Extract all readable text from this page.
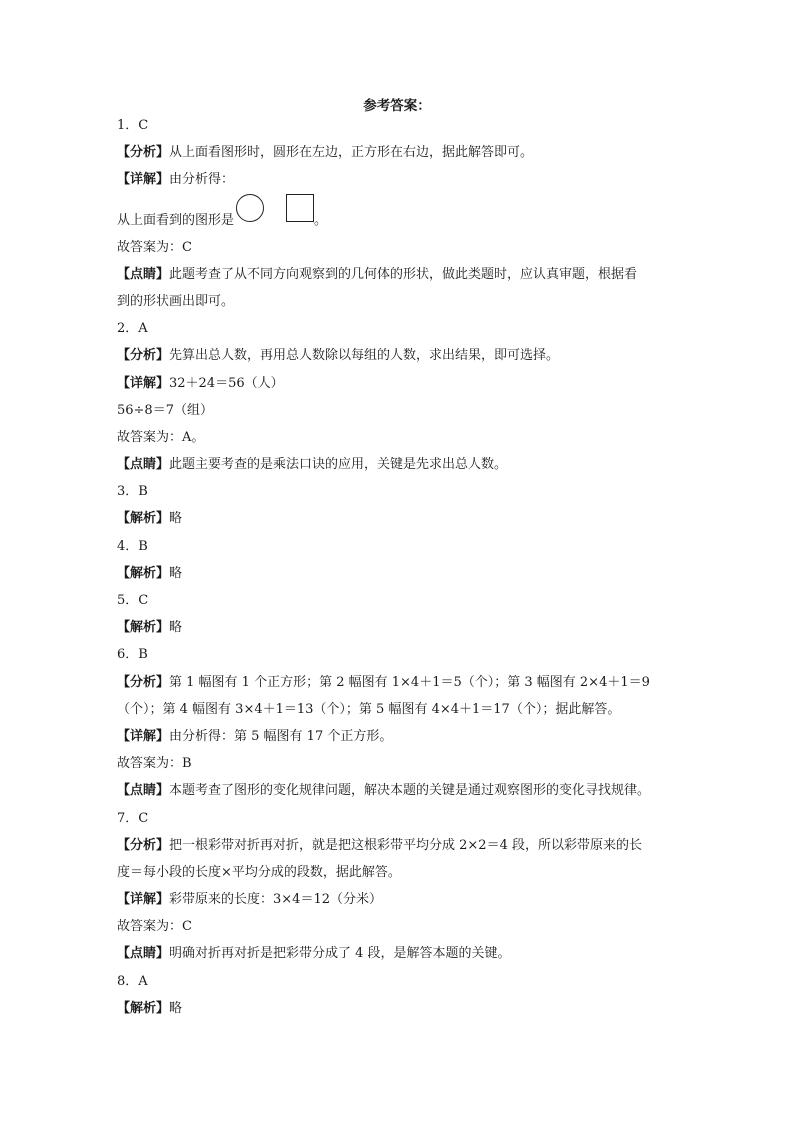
参考答案：
1．C
【分析】从上面看图形时，圆形在左边，正方形在右边，据此解答即可。
【详解】由分析得：
从上面看到的图形是	。
故答案为：C
【点睛】此题考查了从不同方向观察到的几何体的形状，做此类题时，应认真审题，根据看
到的形状画出即可。
2．A
【分析】先算出总人数，再用总人数除以每组的人数，求出结果，即可选择。
【详解】32＋24＝56（人）
56÷8＝7（组）
故答案为：A。
【点睛】此题主要考查的是乘法口诀的应用，关键是先求出总人数。
3．B
【解析】略
4．B
【解析】略
5．C
【解析】略
6．B
【分析】第 1 幅图有 1 个正方形；第 2 幅图有 1×4＋1＝5（个）；第 3 幅图有 2×4＋1＝9
（个）；第 4 幅图有 3×4＋1＝13（个）；第 5 幅图有 4×4＋1＝17（个）；据此解答。
【详解】由分析得：第 5 幅图有 17 个正方形。
故答案为：B
【点睛】本题考查了图形的变化规律问题，解决本题的关键是通过观察图形的变化寻找规律。
7．C
【分析】把一根彩带对折再对折，就是把这根彩带平均分成 2×2＝4 段，所以彩带原来的长
度＝每小段的长度×平均分成的段数，据此解答。
【详解】彩带原来的长度：3×4＝12（分米）
故答案为：C
【点睛】明确对折再对折是把彩带分成了 4 段，是解答本题的关键。
8．A
【解析】略
